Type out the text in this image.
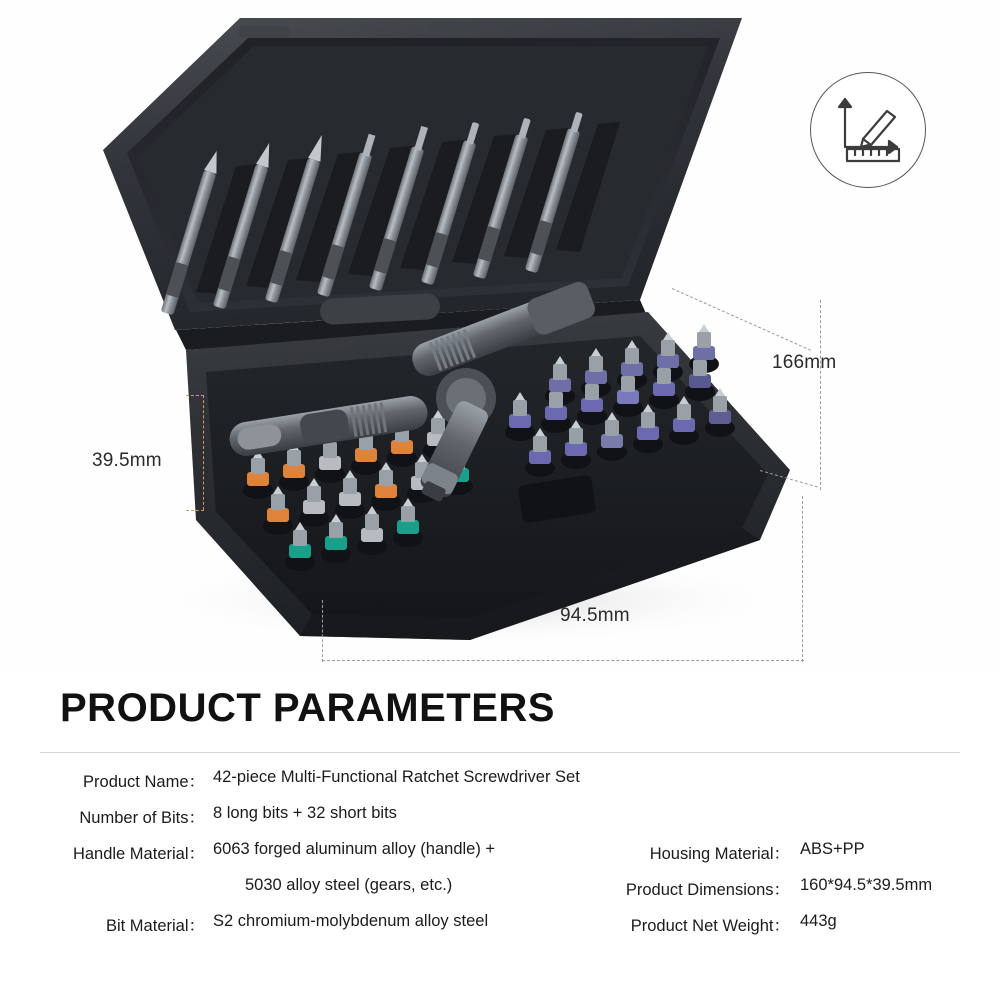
166mm
94.5mm
39.5mm
PRODUCT PARAMETERS
Product Name： 42-piece Multi-Functional Ratchet Screwdriver Set
Number of Bits： 8 long bits + 32 short bits
Handle Material： 6063 forged aluminum alloy (handle) +	Housing Material： ABS+PP
5030 alloy steel (gears, etc.)	Product Dimensions： 160*94.5*39.5mm
Bit Material： S2 chromium-molybdenum alloy steel	Product Net Weight： 443g
